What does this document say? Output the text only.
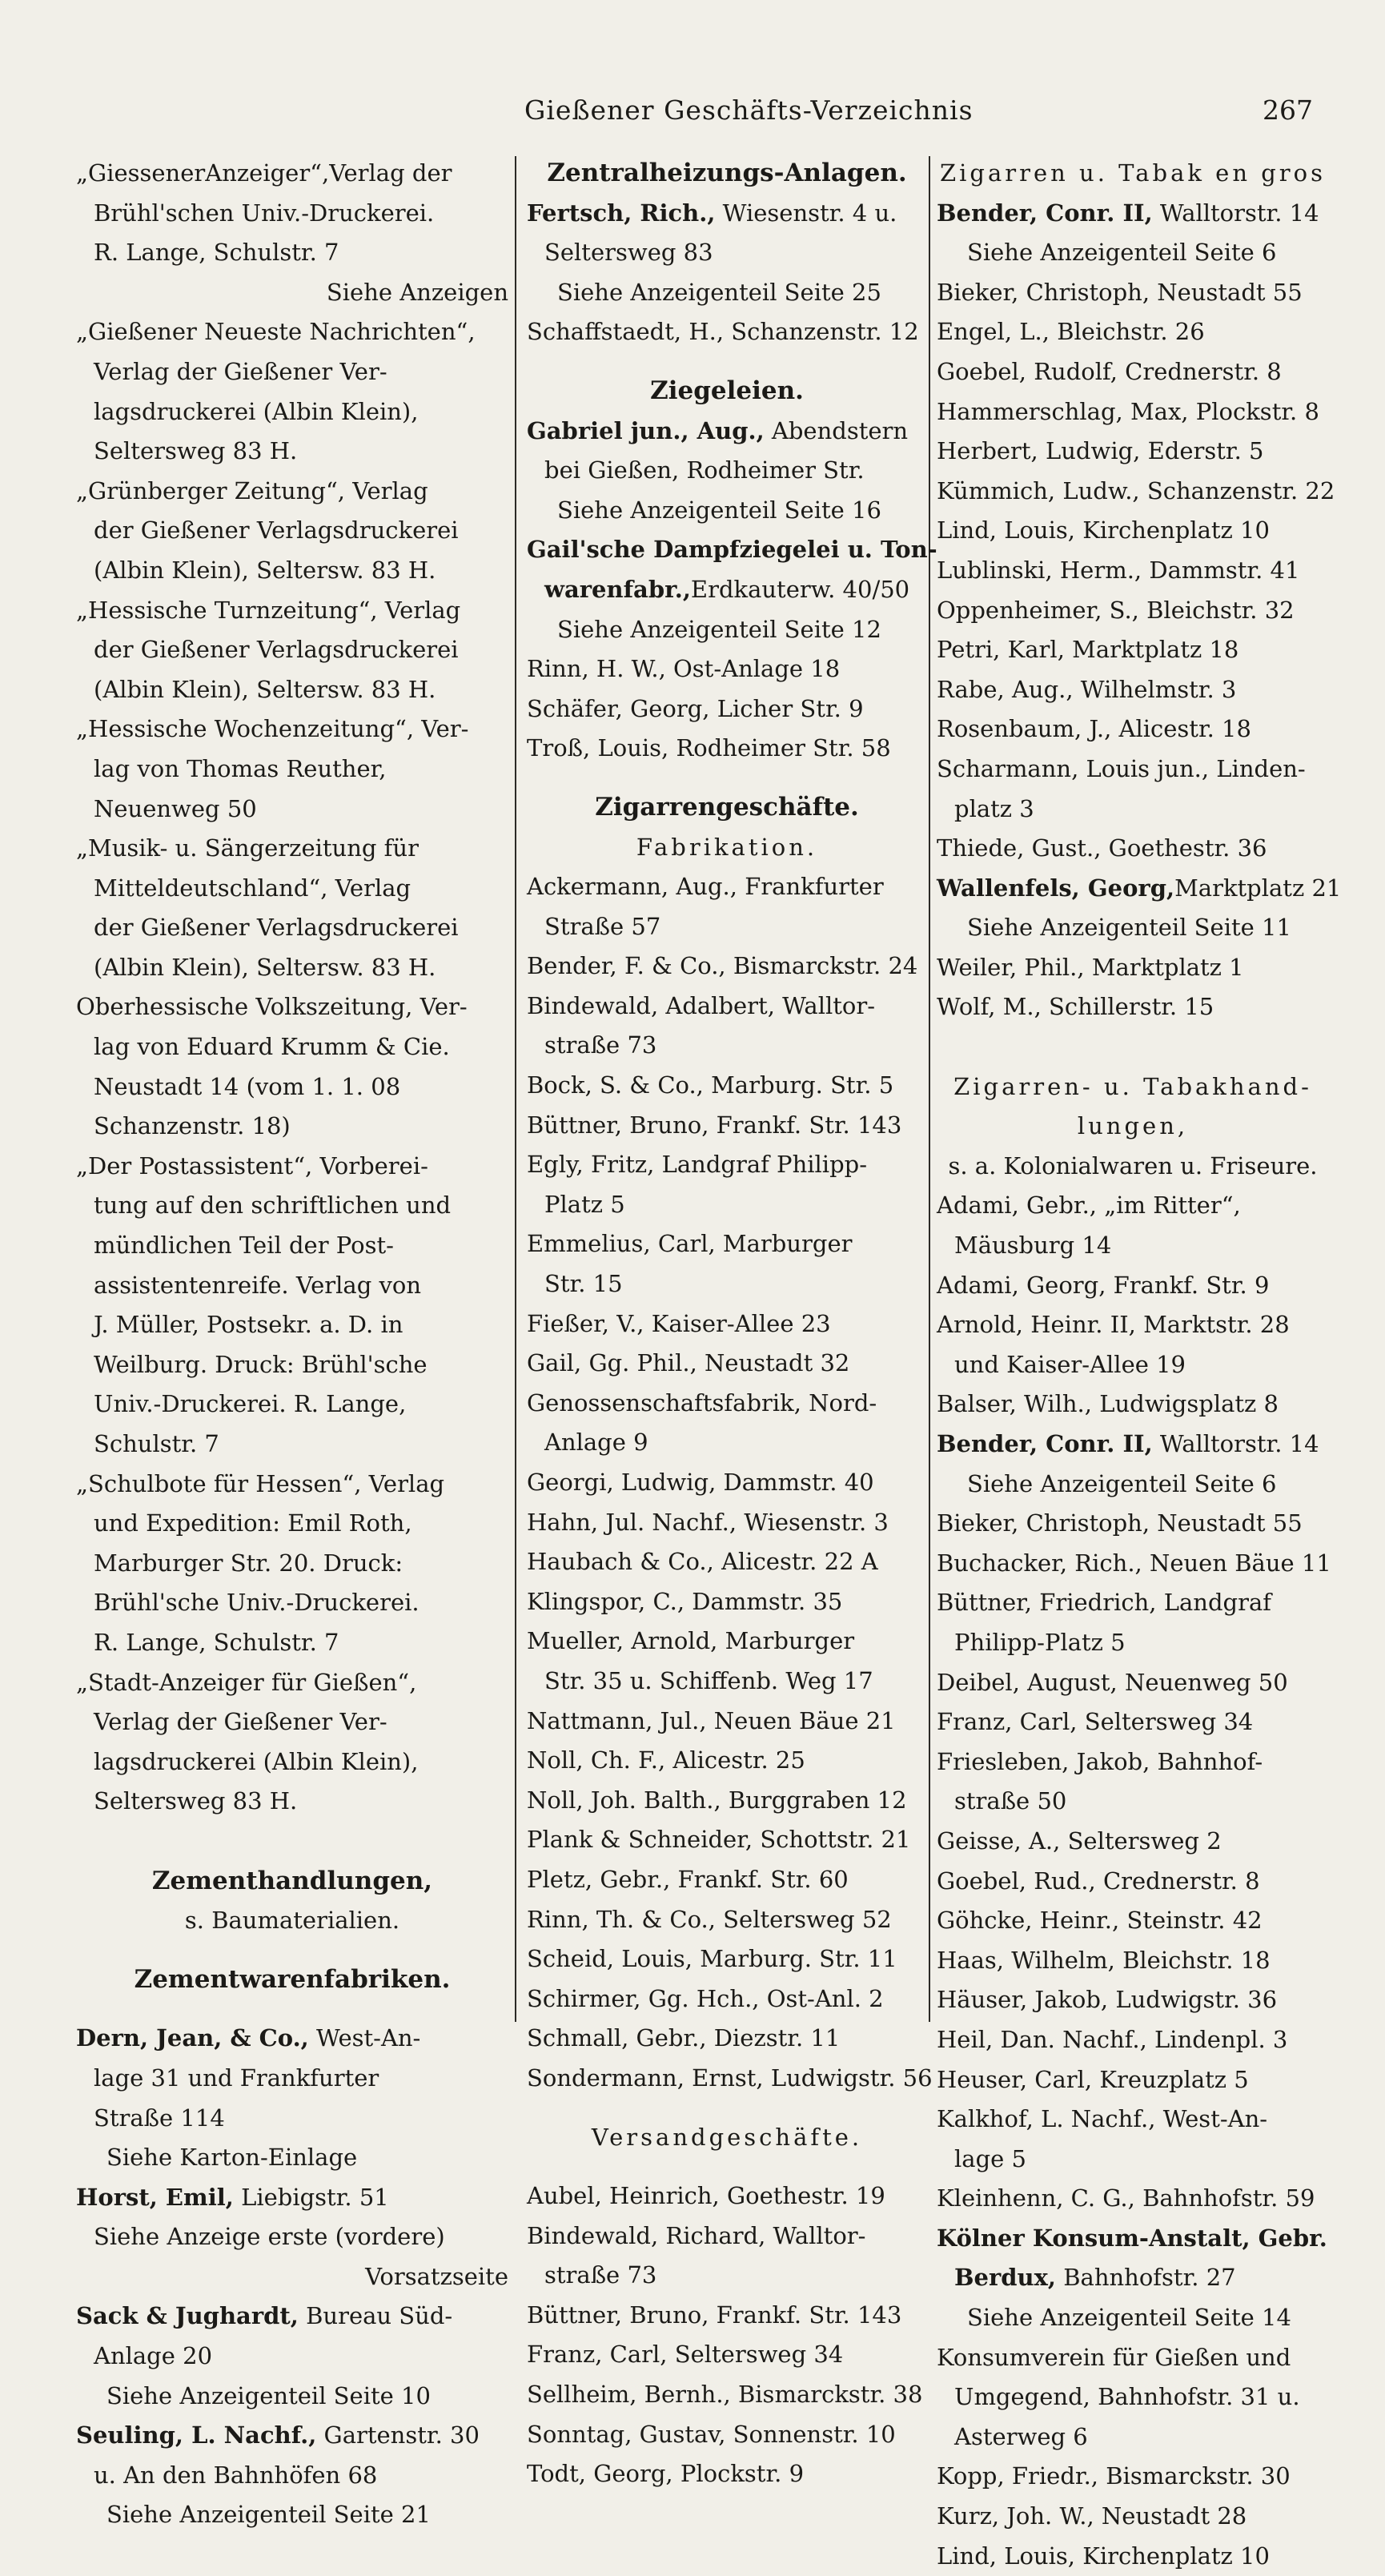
Gießener Geschäfts-Verzeichnis	267
„GiessenerAnzeiger“,Verlag der
Brühl'schen Univ.-Druckerei.
R. Lange, Schulstr. 7
Siehe Anzeigen
„Gießener Neueste Nachrichten“,
Verlag der Gießener Ver-
lagsdruckerei (Albin Klein),
Seltersweg 83 H.
„Grünberger Zeitung“, Verlag
der Gießener Verlagsdruckerei
(Albin Klein), Seltersw. 83 H.
„Hessische Turnzeitung“, Verlag
der Gießener Verlagsdruckerei
(Albin Klein), Seltersw. 83 H.
„Hessische Wochenzeitung“, Ver-
lag von Thomas Reuther,
Neuenweg 50
„Musik- u. Sängerzeitung für
Mitteldeutschland“, Verlag
der Gießener Verlagsdruckerei
(Albin Klein), Seltersw. 83 H.
Oberhessische Volkszeitung, Ver-
lag von Eduard Krumm & Cie.
Neustadt 14 (vom 1. 1. 08
Schanzenstr. 18)
„Der Postassistent“, Vorberei-
tung auf den schriftlichen und
mündlichen Teil der Post-
assistentenreife. Verlag von
J. Müller, Postsekr. a. D. in
Weilburg. Druck: Brühl'sche
Univ.-Druckerei. R. Lange,
Schulstr. 7
„Schulbote für Hessen“, Verlag
und Expedition: Emil Roth,
Marburger Str. 20. Druck:
Brühl'sche Univ.-Druckerei.
R. Lange, Schulstr. 7
„Stadt-Anzeiger für Gießen“,
Verlag der Gießener Ver-
lagsdruckerei (Albin Klein),
Seltersweg 83 H.
Zementhandlungen,
s. Baumaterialien.
Zementwarenfabriken.
Dern, Jean, & Co., West-An-
lage 31 und Frankfurter
Straße 114
Siehe Karton-Einlage
Horst, Emil, Liebigstr. 51
Siehe Anzeige erste (vordere)
Vorsatzseite
Sack & Jughardt, Bureau Süd-
Anlage 20
Siehe Anzeigenteil Seite 10
Seuling, L. Nachf., Gartenstr. 30
u. An den Bahnhöfen 68
Siehe Anzeigenteil Seite 21
Zentralheizungs-Anlagen.
Fertsch, Rich., Wiesenstr. 4 u.
Seltersweg 83
Siehe Anzeigenteil Seite 25
Schaffstaedt, H., Schanzenstr. 12
Ziegeleien.
Gabriel jun., Aug., Abendstern
bei Gießen, Rodheimer Str.
Siehe Anzeigenteil Seite 16
Gail'sche Dampfziegelei u. Ton-
warenfabr.,Erdkauterw. 40/50
Siehe Anzeigenteil Seite 12
Rinn, H. W., Ost-Anlage 18
Schäfer, Georg, Licher Str. 9
Troß, Louis, Rodheimer Str. 58
Zigarrengeschäfte.
Fabrikation.
Ackermann, Aug., Frankfurter
Straße 57
Bender, F. & Co., Bismarckstr. 24
Bindewald, Adalbert, Walltor-
straße 73
Bock, S. & Co., Marburg. Str. 5
Büttner, Bruno, Frankf. Str. 143
Egly, Fritz, Landgraf Philipp-
Platz 5
Emmelius, Carl, Marburger
Str. 15
Fießer, V., Kaiser-Allee 23
Gail, Gg. Phil., Neustadt 32
Genossenschaftsfabrik, Nord-
Anlage 9
Georgi, Ludwig, Dammstr. 40
Hahn, Jul. Nachf., Wiesenstr. 3
Haubach & Co., Alicestr. 22 A
Klingspor, C., Dammstr. 35
Mueller, Arnold, Marburger
Str. 35 u. Schiffenb. Weg 17
Nattmann, Jul., Neuen Bäue 21
Noll, Ch. F., Alicestr. 25
Noll, Joh. Balth., Burggraben 12
Plank & Schneider, Schottstr. 21
Pletz, Gebr., Frankf. Str. 60
Rinn, Th. & Co., Seltersweg 52
Scheid, Louis, Marburg. Str. 11
Schirmer, Gg. Hch., Ost-Anl. 2
Schmall, Gebr., Diezstr. 11
Sondermann, Ernst, Ludwigstr. 56
Versandgeschäfte.
Aubel, Heinrich, Goethestr. 19
Bindewald, Richard, Walltor-
straße 73
Büttner, Bruno, Frankf. Str. 143
Franz, Carl, Seltersweg 34
Sellheim, Bernh., Bismarckstr. 38
Sonntag, Gustav, Sonnenstr. 10
Todt, Georg, Plockstr. 9
Zigarren u. Tabak en gros
Bender, Conr. II, Walltorstr. 14
Siehe Anzeigenteil Seite 6
Bieker, Christoph, Neustadt 55
Engel, L., Bleichstr. 26
Goebel, Rudolf, Crednerstr. 8
Hammerschlag, Max, Plockstr. 8
Herbert, Ludwig, Ederstr. 5
Kümmich, Ludw., Schanzenstr. 22
Lind, Louis, Kirchenplatz 10
Lublinski, Herm., Dammstr. 41
Oppenheimer, S., Bleichstr. 32
Petri, Karl, Marktplatz 18
Rabe, Aug., Wilhelmstr. 3
Rosenbaum, J., Alicestr. 18
Scharmann, Louis jun., Linden-
platz 3
Thiede, Gust., Goethestr. 36
Wallenfels, Georg,Marktplatz 21
Siehe Anzeigenteil Seite 11
Weiler, Phil., Marktplatz 1
Wolf, M., Schillerstr. 15
Zigarren- u. Tabakhand-
lungen,
s. a. Kolonialwaren u. Friseure.
Adami, Gebr., „im Ritter“,
Mäusburg 14
Adami, Georg, Frankf. Str. 9
Arnold, Heinr. II, Marktstr. 28
und Kaiser-Allee 19
Balser, Wilh., Ludwigsplatz 8
Bender, Conr. II, Walltorstr. 14
Siehe Anzeigenteil Seite 6
Bieker, Christoph, Neustadt 55
Buchacker, Rich., Neuen Bäue 11
Büttner, Friedrich, Landgraf
Philipp-Platz 5
Deibel, August, Neuenweg 50
Franz, Carl, Seltersweg 34
Friesleben, Jakob, Bahnhof-
straße 50
Geisse, A., Seltersweg 2
Goebel, Rud., Crednerstr. 8
Göhcke, Heinr., Steinstr. 42
Haas, Wilhelm, Bleichstr. 18
Häuser, Jakob, Ludwigstr. 36
Heil, Dan. Nachf., Lindenpl. 3
Heuser, Carl, Kreuzplatz 5
Kalkhof, L. Nachf., West-An-
lage 5
Kleinhenn, C. G., Bahnhofstr. 59
Kölner Konsum-Anstalt, Gebr.
Berdux, Bahnhofstr. 27
Siehe Anzeigenteil Seite 14
Konsumverein für Gießen und
Umgegend, Bahnhofstr. 31 u.
Asterweg 6
Kopp, Friedr., Bismarckstr. 30
Kurz, Joh. W., Neustadt 28
Lind, Louis, Kirchenplatz 10
